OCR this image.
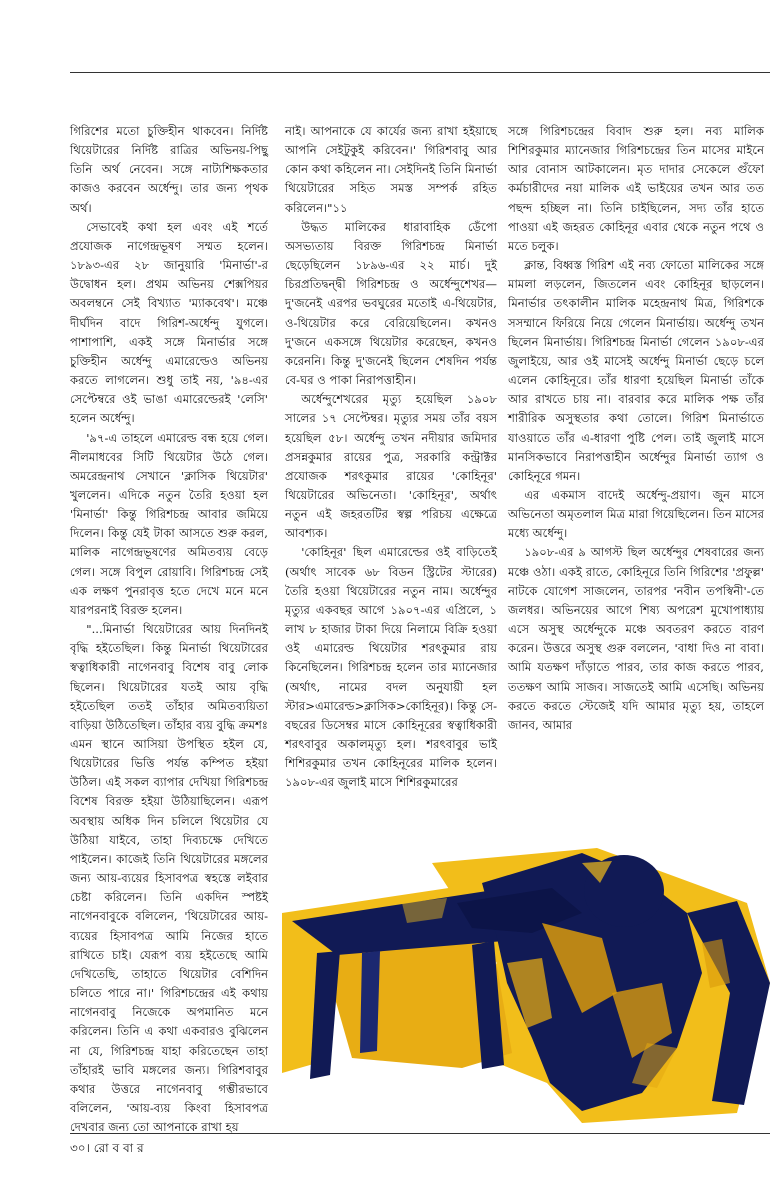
গিরিশের মতো চুক্তিহীন থাকবেন। নির্দিষ্ট থিয়েটারের নির্দিষ্ট রাত্রির অভিনয়-পিছু তিনি অর্থ নেবেন। সঙ্গে নাট্যশিক্ষকতার কাজও করবেন অর্ধেন্দু। তার জন্য পৃথক অর্থ।

সেভাবেই কথা হল এবং এই শর্তে প্রযোজক নাগেন্দ্রভূষণ সম্মত হলেন। ১৮৯৩-এর ২৮ জানুয়ারি 'মিনার্ভা'-র উদ্বোধন হল। প্রথম অভিনয় শেক্সপিয়র অবলম্বনে সেই বিখ্যাত 'ম্যাকবেথ'। মঞ্চে দীর্ঘদিন বাদে গিরিশ-অর্ধেন্দু যুগলে। পাশাপাশি, একই সঙ্গে মিনার্ভার সঙ্গে চুক্তিহীন অর্ধেন্দু এমারেল্ডেও অভিনয় করতে লাগলেন। শুধু তাই নয়, '৯৪-এর সেপ্টেম্বরে ওই ভাঙা এমারেল্ডেরই 'লেসি' হলেন অর্ধেন্দু।

'৯৭-এ তাহলে এমারেল্ড বন্ধ হয়ে গেল। নীলমাধবের সিটি থিয়েটার উঠে গেল। অমরেন্দ্রনাথ সেখানে 'ক্লাসিক থিয়েটার' খুললেন। এদিকে নতুন তৈরি হওয়া হল 'মিনার্ভা' কিন্তু গিরিশচন্দ্র আবার জমিয়ে দিলেন। কিন্তু যেই টাকা আসতে শুরু করল, মালিক নাগেন্দ্রভূষণের অমিতব্যয় বেড়ে গেল। সঙ্গে বিপুল রোয়াবি। গিরিশচন্দ্র সেই এক লক্ষণ পুনরাবৃত্ত হতে দেখে মনে মনে যারপরনাই বিরক্ত হলেন।

"...মিনার্ভা থিয়েটারের আয় দিনদিনই বৃদ্ধি হইতেছিল। কিন্তু মিনার্ভা থিয়েটারের স্বত্বাধিকারী নাগেনবাবু বিশেষ বাবু লোক ছিলেন। থিয়েটারের যতই আয় বৃদ্ধি হইতেছিল ততই তাঁহার অমিতব্যয়িতা বাড়িয়া উঠিতেছিল। তাঁহার ব্যয় বুদ্ধি ক্রমশঃ এমন স্থানে আসিয়া উপস্থিত হইল যে, থিয়েটারের ভিত্তি পর্যন্ত কম্পিত হইয়া উঠিল। এই সকল ব্যাপার দেখিয়া গিরিশচন্দ্র বিশেষ বিরক্ত হইয়া উঠিয়াছিলেন। এরূপ অবস্থায় অধিক দিন চলিলে থিয়েটার যে উঠিয়া যাইবে, তাহা দিব্যচক্ষে দেখিতে পাইলেন। কাজেই তিনি থিয়েটারের মঙ্গলের জন্য আয়-ব্যয়ের হিসাবপত্র স্বহস্তে লইবার চেষ্টা করিলেন। তিনি একদিন স্পষ্টই নাগেনবাবুকে বলিলেন, 'থিয়েটারের আয়-ব্যয়ের হিসাবপত্র আমি নিজের হাতে রাখিতে চাই। যেরূপ ব্যয় হইতেছে আমি দেখিতেছি, তাহাতে থিয়েটার বেশিদিন চলিতে পারে না।' গিরিশচন্দ্রের এই কথায় নাগেনবাবু নিজেকে অপমানিত মনে করিলেন। তিনি এ কথা একবারও বুঝিলেন না যে, গিরিশচন্দ্র যাহা করিতেছেন তাহা তাঁহারই ভাবি মঙ্গলের জন্য। গিরিশবাবুর কথার উত্তরে নাগেনবাবু গম্ভীরভাবে বলিলেন, 'আয়-ব্যয় কিংবা হিসাবপত্র দেখবার জন্য তো আপনাকে রাখা হয়

নাই। আপনাকে যে কার্যের জন্য রাখা হইয়াছে আপনি সেইটুকুই করিবেন।' গিরিশবাবু আর কোন কথা কহিলেন না। সেইদিনই তিনি মিনার্ভা থিয়েটারের সহিত সমস্ত সম্পর্ক রহিত করিলেন।"১১

উদ্ধত মালিকের ধারাবাহিক ডেঁপো অসভ্যতায় বিরক্ত গিরিশচন্দ্র মিনার্ভা ছেড়েছিলেন ১৮৯৬-এর ২২ মার্চ। দুই চিরপ্রতিদ্বন্দ্বী গিরিশচন্দ্র ও অর্ধেন্দুশেখর— দু'জনেই এরপর ভবঘুরের মতোই এ-থিয়েটার, ও-থিয়েটার করে বেরিয়েছিলেন। কখনও দু'জনে একসঙ্গে থিয়েটার করেছেন, কখনও করেননি। কিন্তু দু'জনেই ছিলেন শেষদিন পর্যন্ত বে-ঘর ও পাকা নিরাপত্তাহীন।

অর্ধেন্দুশেখরের মৃত্যু হয়েছিল ১৯০৮ সালের ১৭ সেপ্টেম্বর। মৃত্যুর সময় তাঁর বয়স হয়েছিল ৫৮। অর্ধেন্দু তখন নদীয়ার জমিদার প্রসন্নকুমার রায়ের পুত্র, সরকারি কন্ট্রাক্টর প্রযোজক শরৎকুমার রায়ের 'কোহিনূর' থিয়েটারের অভিনেতা। 'কোহিনূর', অর্থাৎ নতুন এই জহরতটির স্বল্প পরিচয় এক্ষেত্রে আবশ্যক।

'কোহিনূর' ছিল এমারেল্ডের ওই বাড়িতেই (অর্থাৎ সাবেক ৬৮ বিডন স্ট্রিটের স্টারের) তৈরি হওয়া থিয়েটারের নতুন নাম। অর্ধেন্দুর মৃত্যুর একবছর আগে ১৯০৭-এর এপ্রিলে, ১ লাখ ৮ হাজার টাকা দিয়ে নিলামে বিক্রি হওয়া ওই এমারেল্ড থিয়েটার শরৎকুমার রায় কিনেছিলেন। গিরিশচন্দ্র হলেন তার ম্যানেজার (অর্থাৎ, নামের বদল অনুযায়ী হল স্টার>এমারেল্ড>ক্লাসিক>কোহিনূর)। কিন্তু সে-বছরের ডিসেম্বর মাসে কোহিনূরের স্বত্বাধিকারী শরৎবাবুর অকালমৃত্যু হল। শরৎবাবুর ভাই শিশিরকুমার তখন কোহিনূরের মালিক হলেন। ১৯০৮-এর জুলাই মাসে শিশিরকুমারের

সঙ্গে গিরিশচন্দ্রের বিবাদ শুরু হল। নব্য মালিক শিশিরকুমার ম্যানেজার গিরিশচন্দ্রের তিন মাসের মাইনে আর বোনাস আটকালেন। মৃত দাদার সেকেলে গুঁফো কর্মচারীদের নয়া মালিক এই ভাইয়ের তখন আর তত পছন্দ হচ্ছিল না। তিনি চাইছিলেন, সদ্য তাঁর হাতে পাওয়া এই জহরত কোহিনূর এবার থেকে নতুন পথে ও মতে চলুক।

ক্লান্ত, বিধ্বস্ত গিরিশ এই নব্য ফোতো মালিকের সঙ্গে মামলা লড়লেন, জিতলেন এবং কোহিনূর ছাড়লেন। মিনার্ভার তৎকালীন মালিক মহেন্দ্রনাথ মিত্র, গিরিশকে সসম্মানে ফিরিয়ে নিয়ে গেলেন মিনার্ভায়। অর্ধেন্দু তখন ছিলেন মিনার্ভায়। গিরিশচন্দ্র মিনার্ভা গেলেন ১৯০৮-এর জুলাইয়ে, আর ওই মাসেই অর্ধেন্দু মিনার্ভা ছেড়ে চলে এলেন কোহিনূরে। তাঁর ধারণা হয়েছিল মিনার্ভা তাঁকে আর রাখতে চায় না। বারবার করে মালিক পক্ষ তাঁর শারীরিক অসুস্থতার কথা তোলে। গিরিশ মিনার্ভাতে যাওয়াতে তাঁর এ-ধারণা পুষ্টি পেল। তাই জুলাই মাসে মানসিকভাবে নিরাপত্তাহীন অর্ধেন্দুর মিনার্ভা ত্যাগ ও কোহিনূরে গমন।

এর একমাস বাদেই অর্ধেন্দু-প্রয়াণ। জুন মাসে অভিনেতা অমৃতলাল মিত্র মারা গিয়েছিলেন। তিন মাসের মধ্যে অর্ধেন্দু।

১৯০৮-এর ৯ আগস্ট ছিল অর্ধেন্দুর শেষবারের জন্য মঞ্চে ওঠা। একই রাতে, কোহিনূরে তিনি গিরিশের 'প্রফুল্ল' নাটকে যোগেশ সাজলেন, তারপর 'নবীন তপস্বিনী'-তে জলধর। অভিনয়ের আগে শিষ্য অপরেশ মুখোপাধ্যায় এসে অসুস্থ অর্ধেন্দুকে মঞ্চে অবতরণ করতে বারণ করেন। উত্তরে অসুস্থ গুরু বললেন, 'বাধা দিও না বাবা। আমি যতক্ষণ দাঁড়াতে পারব, তার কাজ করতে পারব, ততক্ষণ আমি সাজব। সাজতেই আমি এসেছি। অভিনয় করতে করতে স্টেজেই যদি আমার মৃত্যু হয়, তাহলে জানব, আমার

৩০। রো ব বা র
